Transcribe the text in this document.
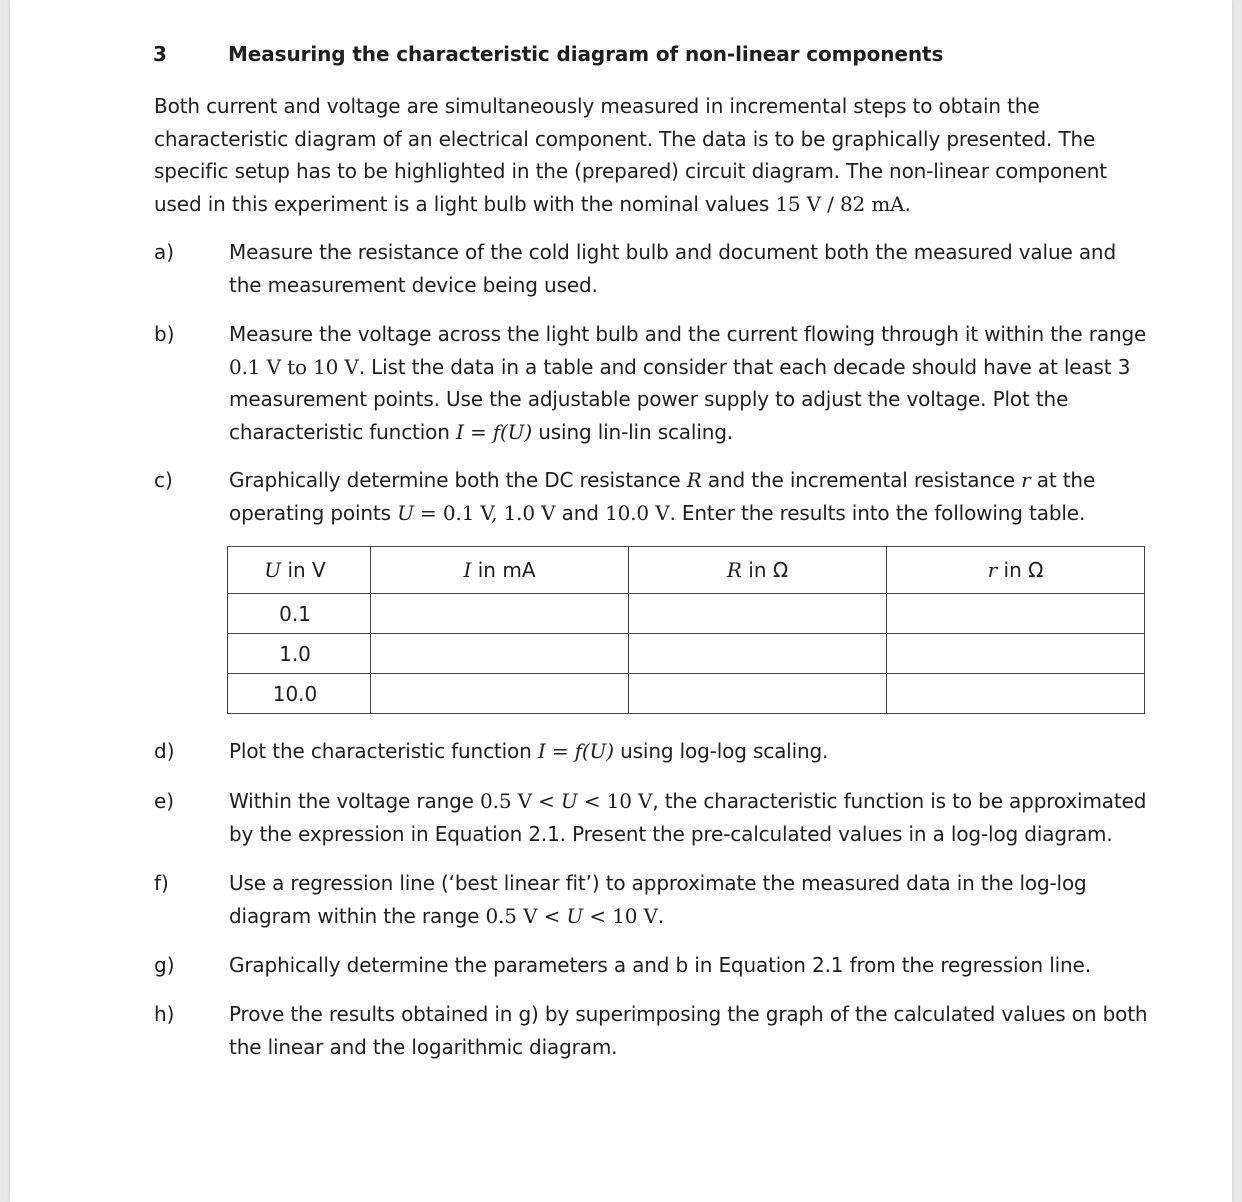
3	Measuring the characteristic diagram of non-linear components
Both current and voltage are simultaneously measured in incremental steps to obtain the characteristic diagram of an electrical component. The data is to be graphically presented. The specific setup has to be highlighted in the (prepared) circuit diagram. The non-linear component used in this experiment is a light bulb with the nominal values 15 V / 82 mA.
a)	Measure the resistance of the cold light bulb and document both the measured value and the measurement device being used.
b)	Measure the voltage across the light bulb and the current flowing through it within the range 0.1 V to 10 V. List the data in a table and consider that each decade should have at least 3 measurement points. Use the adjustable power supply to adjust the voltage. Plot the characteristic function I = f(U) using lin-lin scaling.
c)	Graphically determine both the DC resistance R and the incremental resistance r at the operating points U = 0.1 V, 1.0 V and 10.0 V. Enter the results into the following table.
U in V	I in mA	R in Ω	r in Ω
0.1			
1.0			
10.0			
d)	Plot the characteristic function I = f(U) using log-log scaling.
e)	Within the voltage range 0.5 V < U < 10 V, the characteristic function is to be approximated by the expression in Equation 2.1. Present the pre-calculated values in a log-log diagram.
f)	Use a regression line (‘best linear fit’) to approximate the measured data in the log-log diagram within the range 0.5 V < U < 10 V.
g)	Graphically determine the parameters a and b in Equation 2.1 from the regression line.
h)	Prove the results obtained in g) by superimposing the graph of the calculated values on both the linear and the logarithmic diagram.
